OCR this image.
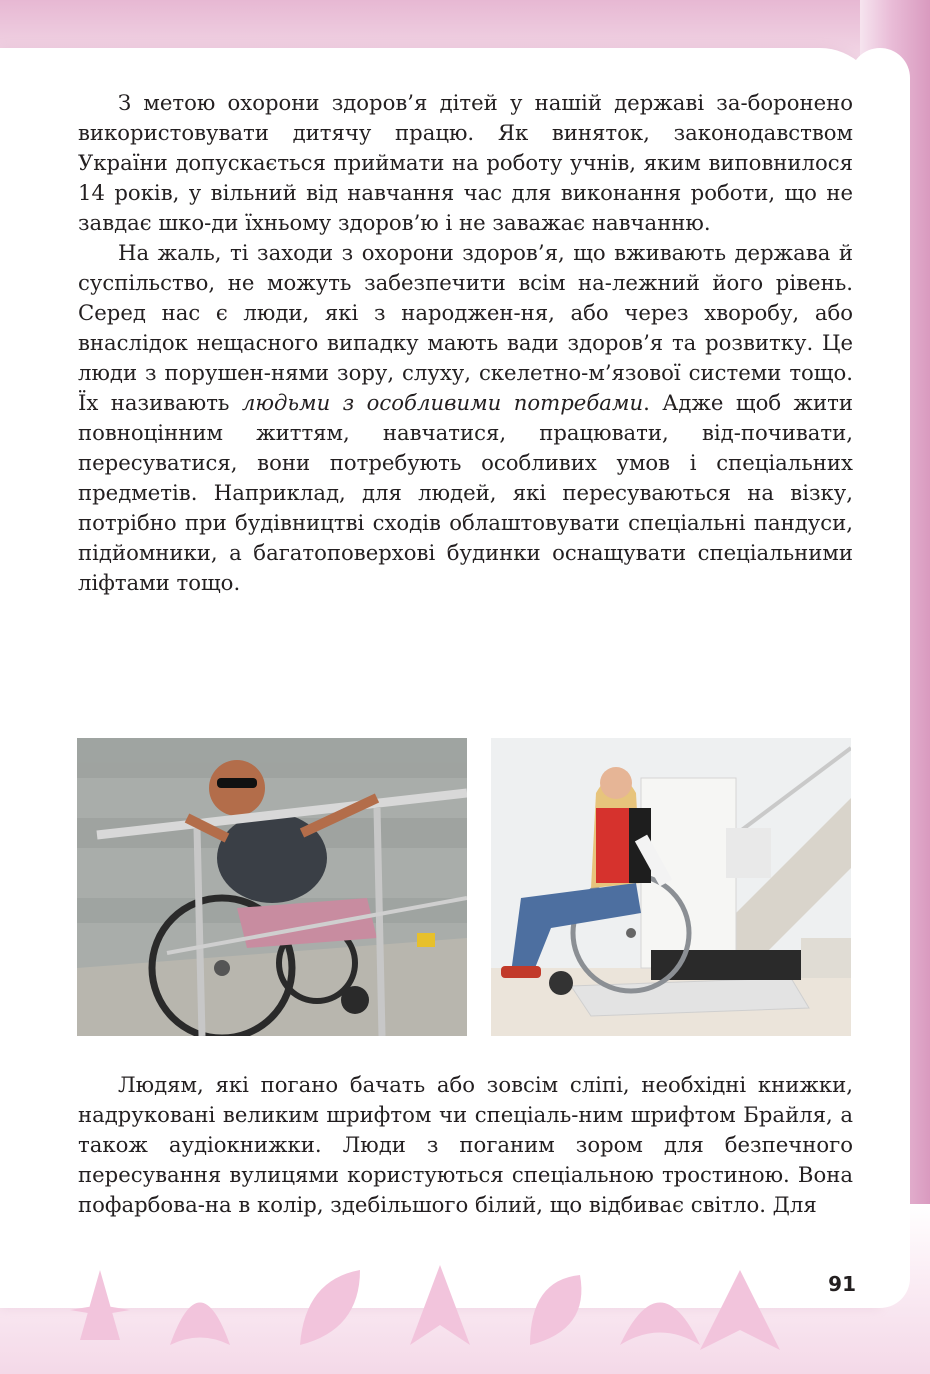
З метою охорони здоров’я дітей у нашій державі за-боронено використовувати дитячу працю. Як виняток, законодавством України допускається приймати на роботу учнів, яким виповнилося 14 років, у вільний від навчання час для виконання роботи, що не завдає шко-ди їхньому здоров’ю і не заважає навчанню.

На жаль, ті заходи з охорони здоров’я, що вживають держава й суспільство, не можуть забезпечити всім на-лежний його рівень. Серед нас є люди, які з народжен-ня, або через хворобу, або внаслідок нещасного випадку мають вади здоров’я та розвитку. Це люди з порушен-нями зору, слуху, скелетно-м’язової системи тощо. Їх називають людьми з особливими потребами. Адже щоб жити повноцінним життям, навчатися, працювати, від-почивати, пересуватися, вони потребують особливих умов і спеціальних предметів. Наприклад, для людей, які пересуваються на візку, потрібно при будівництві сходів облаштовувати спеціальні пандуси, підйомники, а багатоповерхові будинки оснащувати спеціальними ліфтами тощо.

Людям, які погано бачать або зовсім сліпі, необхідні книжки, надруковані великим шрифтом чи спеціаль-ним шрифтом Брайля, а також аудіокнижки. Люди з поганим зором для безпечного пересування вулицями користуються спеціальною тростиною. Вона пофарбова-на в колір, здебільшого білий, що відбиває світло. Для

91
